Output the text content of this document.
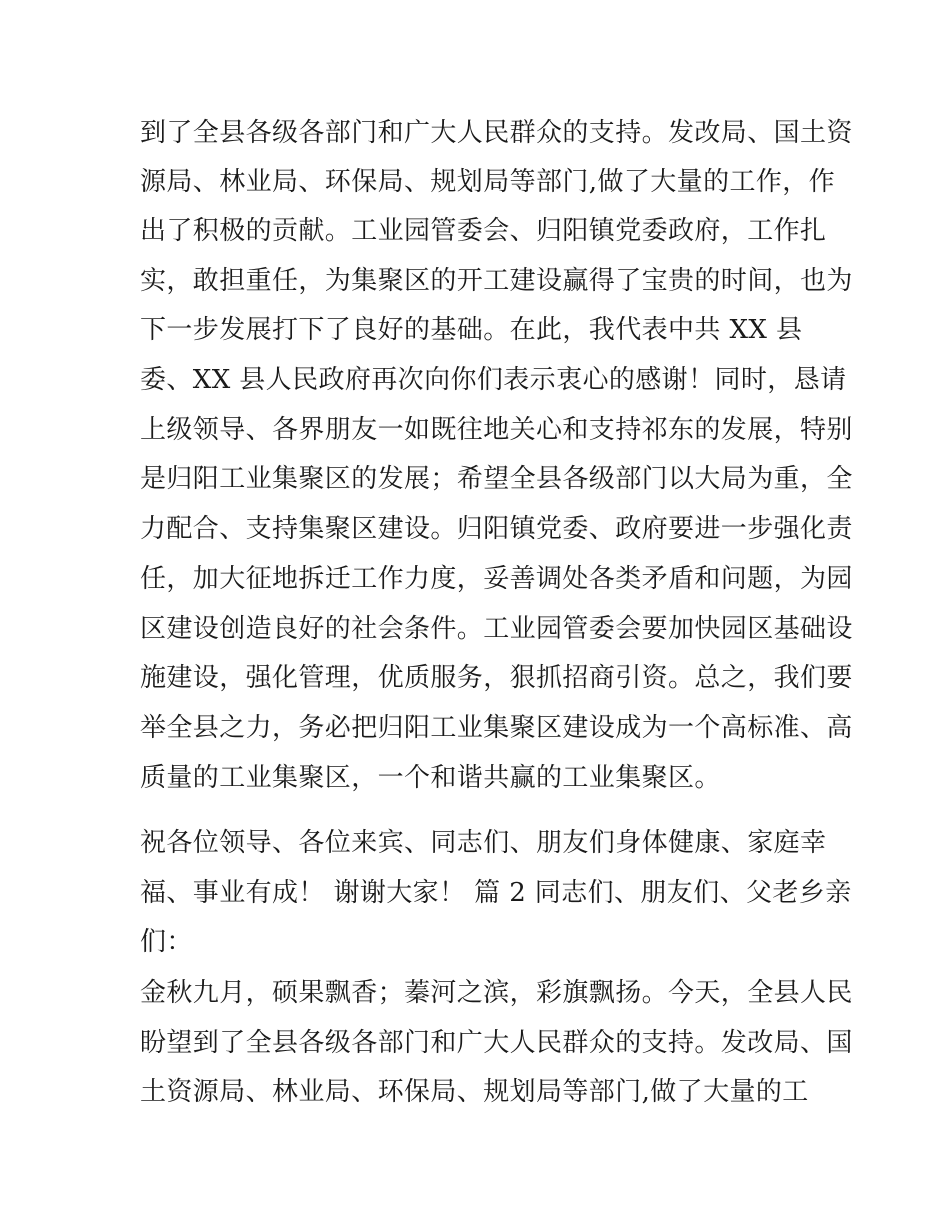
到了全县各级各部门和广大人民群众的支持。发改局、国土资

源局、林业局、环保局、规划局等部门,做了大量的工作，作

出了积极的贡献。工业园管委会、归阳镇党委政府，工作扎

实，敢担重任，为集聚区的开工建设赢得了宝贵的时间，也为

下一步发展打下了良好的基础。在此，我代表中共 XX 县

委、XX 县人民政府再次向你们表示衷心的感谢！同时，恳请

上级领导、各界朋友一如既往地关心和支持祁东的发展，特别

是归阳工业集聚区的发展；希望全县各级部门以大局为重，全

力配合、支持集聚区建设。归阳镇党委、政府要进一步强化责

任，加大征地拆迁工作力度，妥善调处各类矛盾和问题，为园

区建设创造良好的社会条件。工业园管委会要加快园区基础设

施建设，强化管理，优质服务，狠抓招商引资。总之，我们要

举全县之力，务必把归阳工业集聚区建设成为一个高标准、高

质量的工业集聚区，一个和谐共赢的工业集聚区。

祝各位领导、各位来宾、同志们、朋友们身体健康、家庭幸

福、事业有成！ 谢谢大家！ 篇 2 同志们、朋友们、父老乡亲

们：

金秋九月，硕果飘香；蓁河之滨，彩旗飘扬。今天，全县人民

盼望到了全县各级各部门和广大人民群众的支持。发改局、国

土资源局、林业局、环保局、规划局等部门,做了大量的工
